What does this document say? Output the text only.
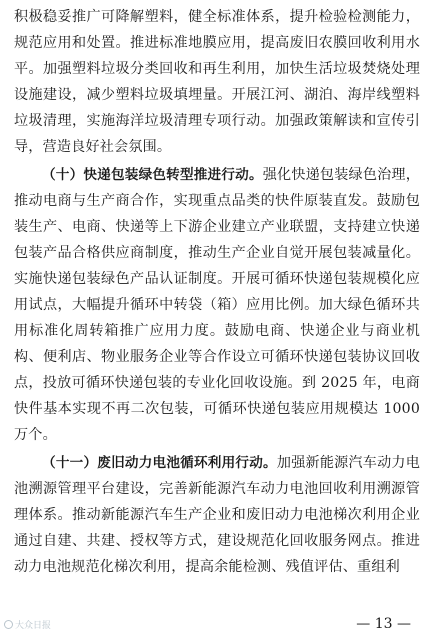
积极稳妥推广可降解塑料，健全标准体系，提升检验检测能力，规范应用和处置。推进标准地膜应用，提高废旧农膜回收利用水平。加强塑料垃圾分类回收和再生利用，加快生活垃圾焚烧处理设施建设，减少塑料垃圾填埋量。开展江河、湖泊、海岸线塑料垃圾清理，实施海洋垃圾清理专项行动。加强政策解读和宣传引导，营造良好社会氛围。

（十）快递包装绿色转型推进行动。强化快递包装绿色治理，推动电商与生产商合作，实现重点品类的快件原装直发。鼓励包装生产、电商、快递等上下游企业建立产业联盟，支持建立快递包装产品合格供应商制度，推动生产企业自觉开展包装减量化。实施快递包装绿色产品认证制度。开展可循环快递包装规模化应用试点，大幅提升循环中转袋（箱）应用比例。加大绿色循环共用标准化周转箱推广应用力度。鼓励电商、快递企业与商业机构、便利店、物业服务企业等合作设立可循环快递包装协议回收点，投放可循环快递包装的专业化回收设施。到 2025 年，电商快件基本实现不再二次包装，可循环快递包装应用规模达 1000 万个。

（十一）废旧动力电池循环利用行动。加强新能源汽车动力电池溯源管理平台建设，完善新能源汽车动力电池回收利用溯源管理体系。推动新能源汽车生产企业和废旧动力电池梯次利用企业通过自建、共建、授权等方式，建设规范化回收服务网点。推进动力电池规范化梯次利用，提高余能检测、残值评估、重组利

大众日报	— 13 —
